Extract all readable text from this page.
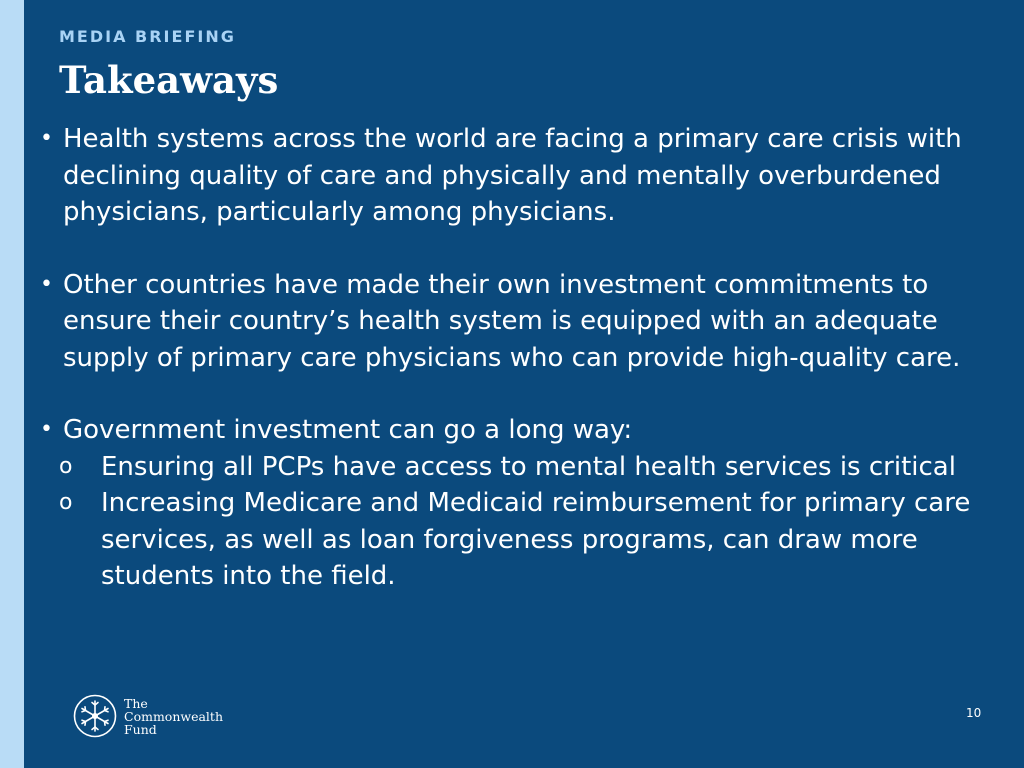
MEDIA BRIEFING
Takeaways
• Health systems across the world are facing a primary care crisis with declining quality of care and physically and mentally overburdened physicians, particularly among physicians.
• Other countries have made their own investment commitments to ensure their country’s health system is equipped with an adequate supply of primary care physicians who can provide high-quality care.
• Government investment can go a long way:
o	Ensuring all PCPs have access to mental health services is critical
o	Increasing Medicare and Medicaid reimbursement for primary care services, as well as loan forgiveness programs, can draw more students into the field.
The
Commonwealth
Fund
10
